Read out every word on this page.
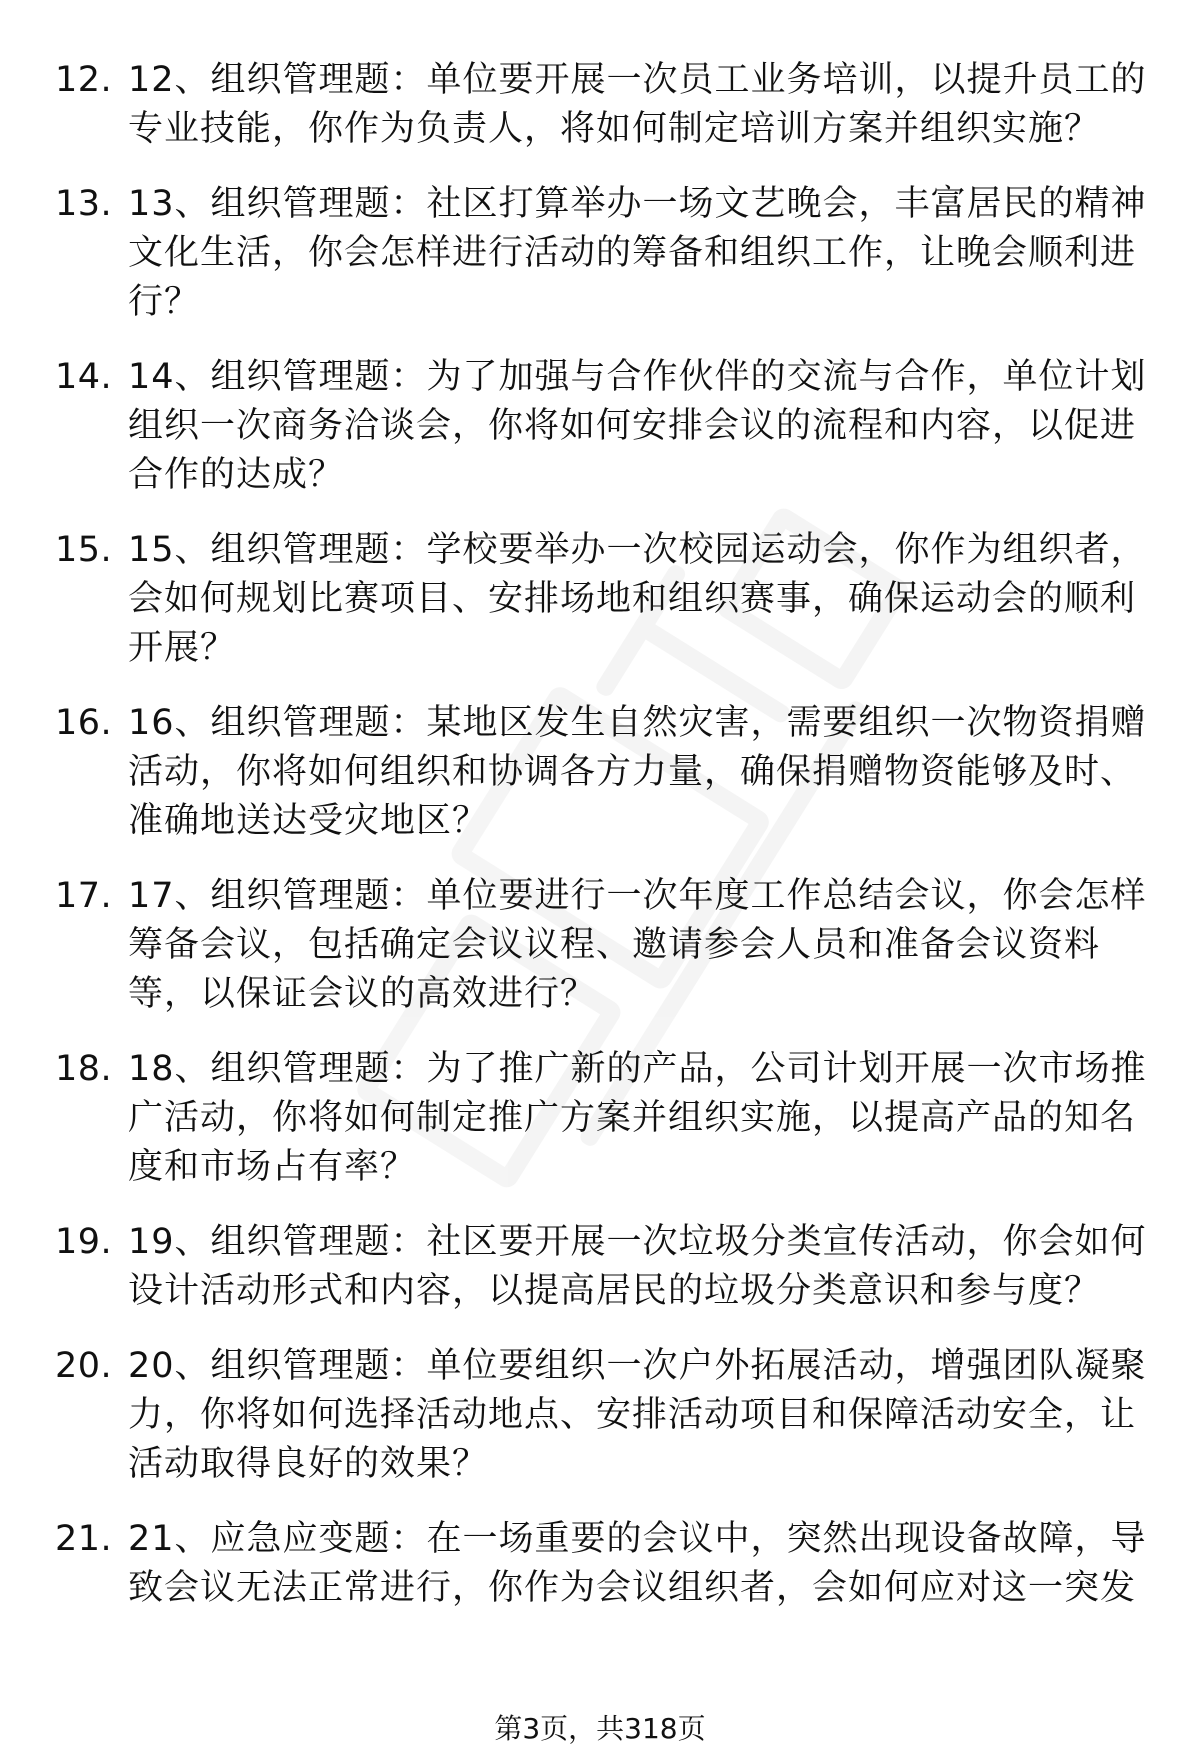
12. 12、组织管理题：单位要开展一次员工业务培训，以提升员工的专业技能，你作为负责人，将如何制定培训方案并组织实施？
13. 13、组织管理题：社区打算举办一场文艺晚会，丰富居民的精神文化生活，你会怎样进行活动的筹备和组织工作，让晚会顺利进行？
14. 14、组织管理题：为了加强与合作伙伴的交流与合作，单位计划组织一次商务洽谈会，你将如何安排会议的流程和内容，以促进合作的达成？
15. 15、组织管理题：学校要举办一次校园运动会，你作为组织者，会如何规划比赛项目、安排场地和组织赛事，确保运动会的顺利开展？
16. 16、组织管理题：某地区发生自然灾害，需要组织一次物资捐赠活动，你将如何组织和协调各方力量，确保捐赠物资能够及时、准确地送达受灾地区？
17. 17、组织管理题：单位要进行一次年度工作总结会议，你会怎样筹备会议，包括确定会议议程、邀请参会人员和准备会议资料等，以保证会议的高效进行？
18. 18、组织管理题：为了推广新的产品，公司计划开展一次市场推广活动，你将如何制定推广方案并组织实施，以提高产品的知名度和市场占有率？
19. 19、组织管理题：社区要开展一次垃圾分类宣传活动，你会如何设计活动形式和内容，以提高居民的垃圾分类意识和参与度？
20. 20、组织管理题：单位要组织一次户外拓展活动，增强团队凝聚力，你将如何选择活动地点、安排活动项目和保障活动安全，让活动取得良好的效果？
21. 21、应急应变题：在一场重要的会议中，突然出现设备故障，导致会议无法正常进行，你作为会议组织者，会如何应对这一突发
第3页，共318页
